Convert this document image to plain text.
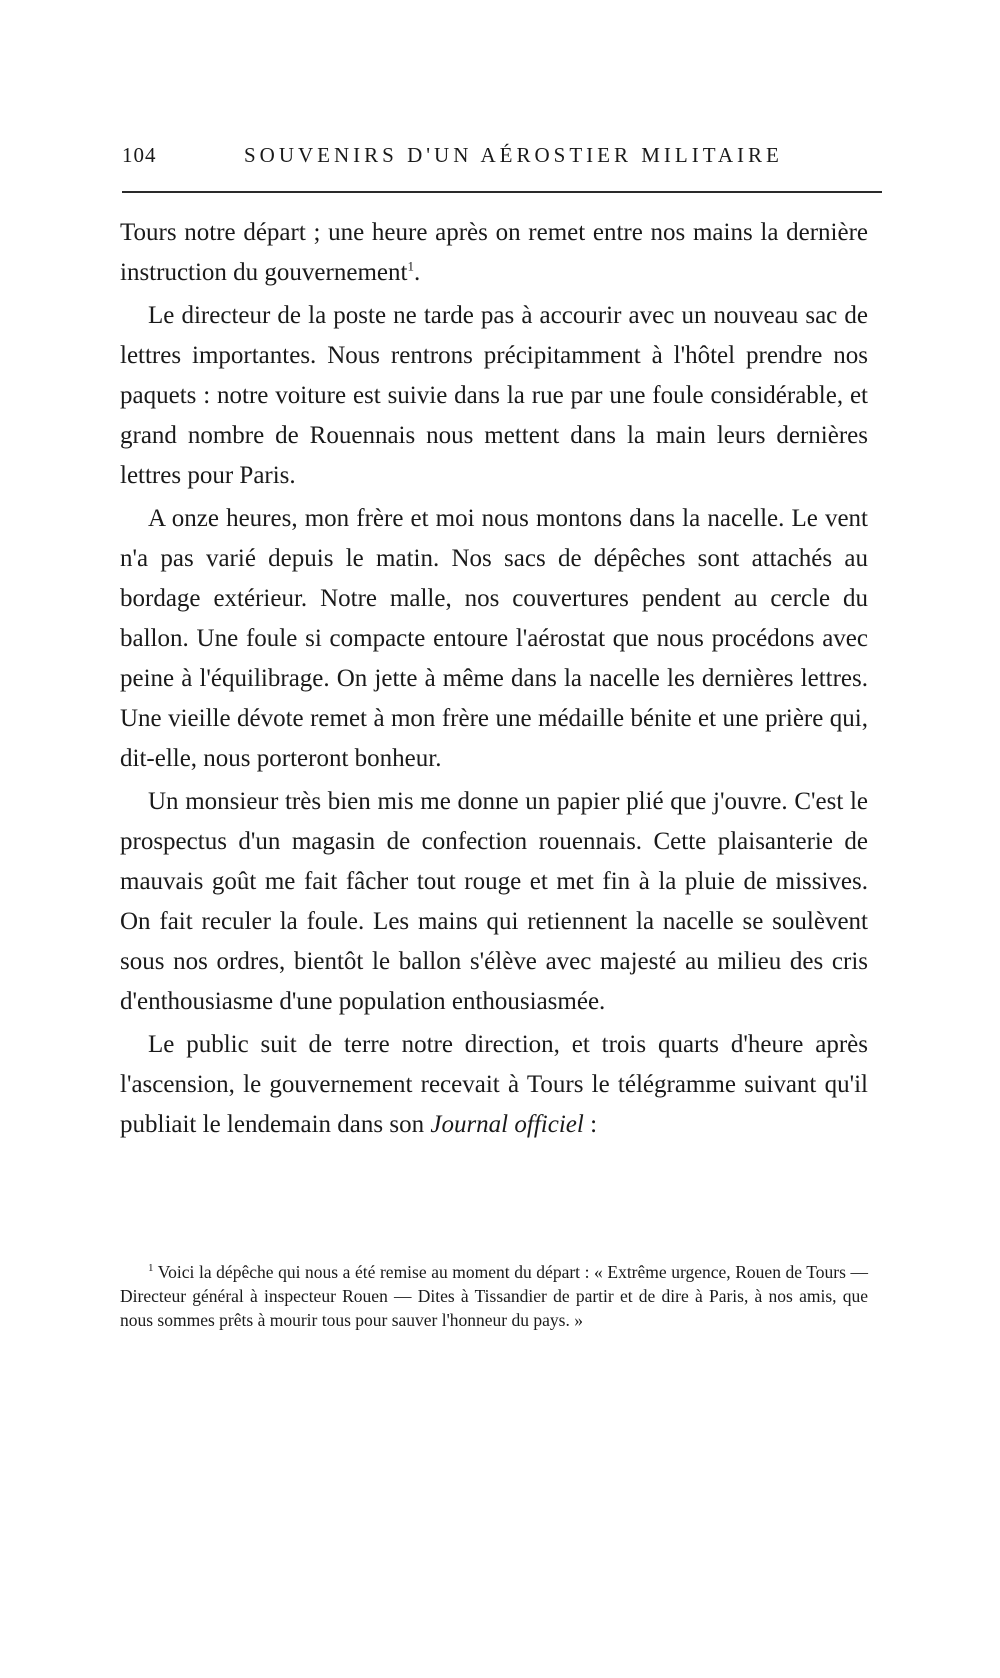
104	SOUVENIRS D'UN AÉROSTIER MILITAIRE

Tours notre départ ; une heure après on remet entre nos mains la dernière instruction du gouvernement$^1$.

Le directeur de la poste ne tarde pas à accourir avec un nouveau sac de lettres importantes. Nous rentrons précipitamment à l'hôtel prendre nos paquets : notre voiture est suivie dans la rue par une foule considérable, et grand nombre de Rouennais nous mettent dans la main leurs dernières lettres pour Paris.

A onze heures, mon frère et moi nous montons dans la nacelle. Le vent n'a pas varié depuis le matin. Nos sacs de dépêches sont attachés au bordage extérieur. Notre malle, nos couvertures pendent au cercle du ballon. Une foule si compacte entoure l'aérostat que nous procédons avec peine à l'équilibrage. On jette à même dans la nacelle les dernières lettres. Une vieille dévote remet à mon frère une médaille bénite et une prière qui, dit-elle, nous porteront bonheur.

Un monsieur très bien mis me donne un papier plié que j'ouvre. C'est le prospectus d'un magasin de confection rouennais. Cette plaisanterie de mauvais goût me fait fâcher tout rouge et met fin à la pluie de missives. On fait reculer la foule. Les mains qui retiennent la nacelle se soulèvent sous nos ordres, bientôt le ballon s'élève avec majesté au milieu des cris d'enthousiasme d'une population enthousiasmée.

Le public suit de terre notre direction, et trois quarts d'heure après l'ascension, le gouvernement recevait à Tours le télégramme suivant qu'il publiait le lendemain dans son Journal officiel :

$^1$ Voici la dépêche qui nous a été remise au moment du départ : « Extrême urgence, Rouen de Tours — Directeur général à inspecteur Rouen — Dites à Tissandier de partir et de dire à Paris, à nos amis, que nous sommes prêts à mourir tous pour sauver l'honneur du pays. »
